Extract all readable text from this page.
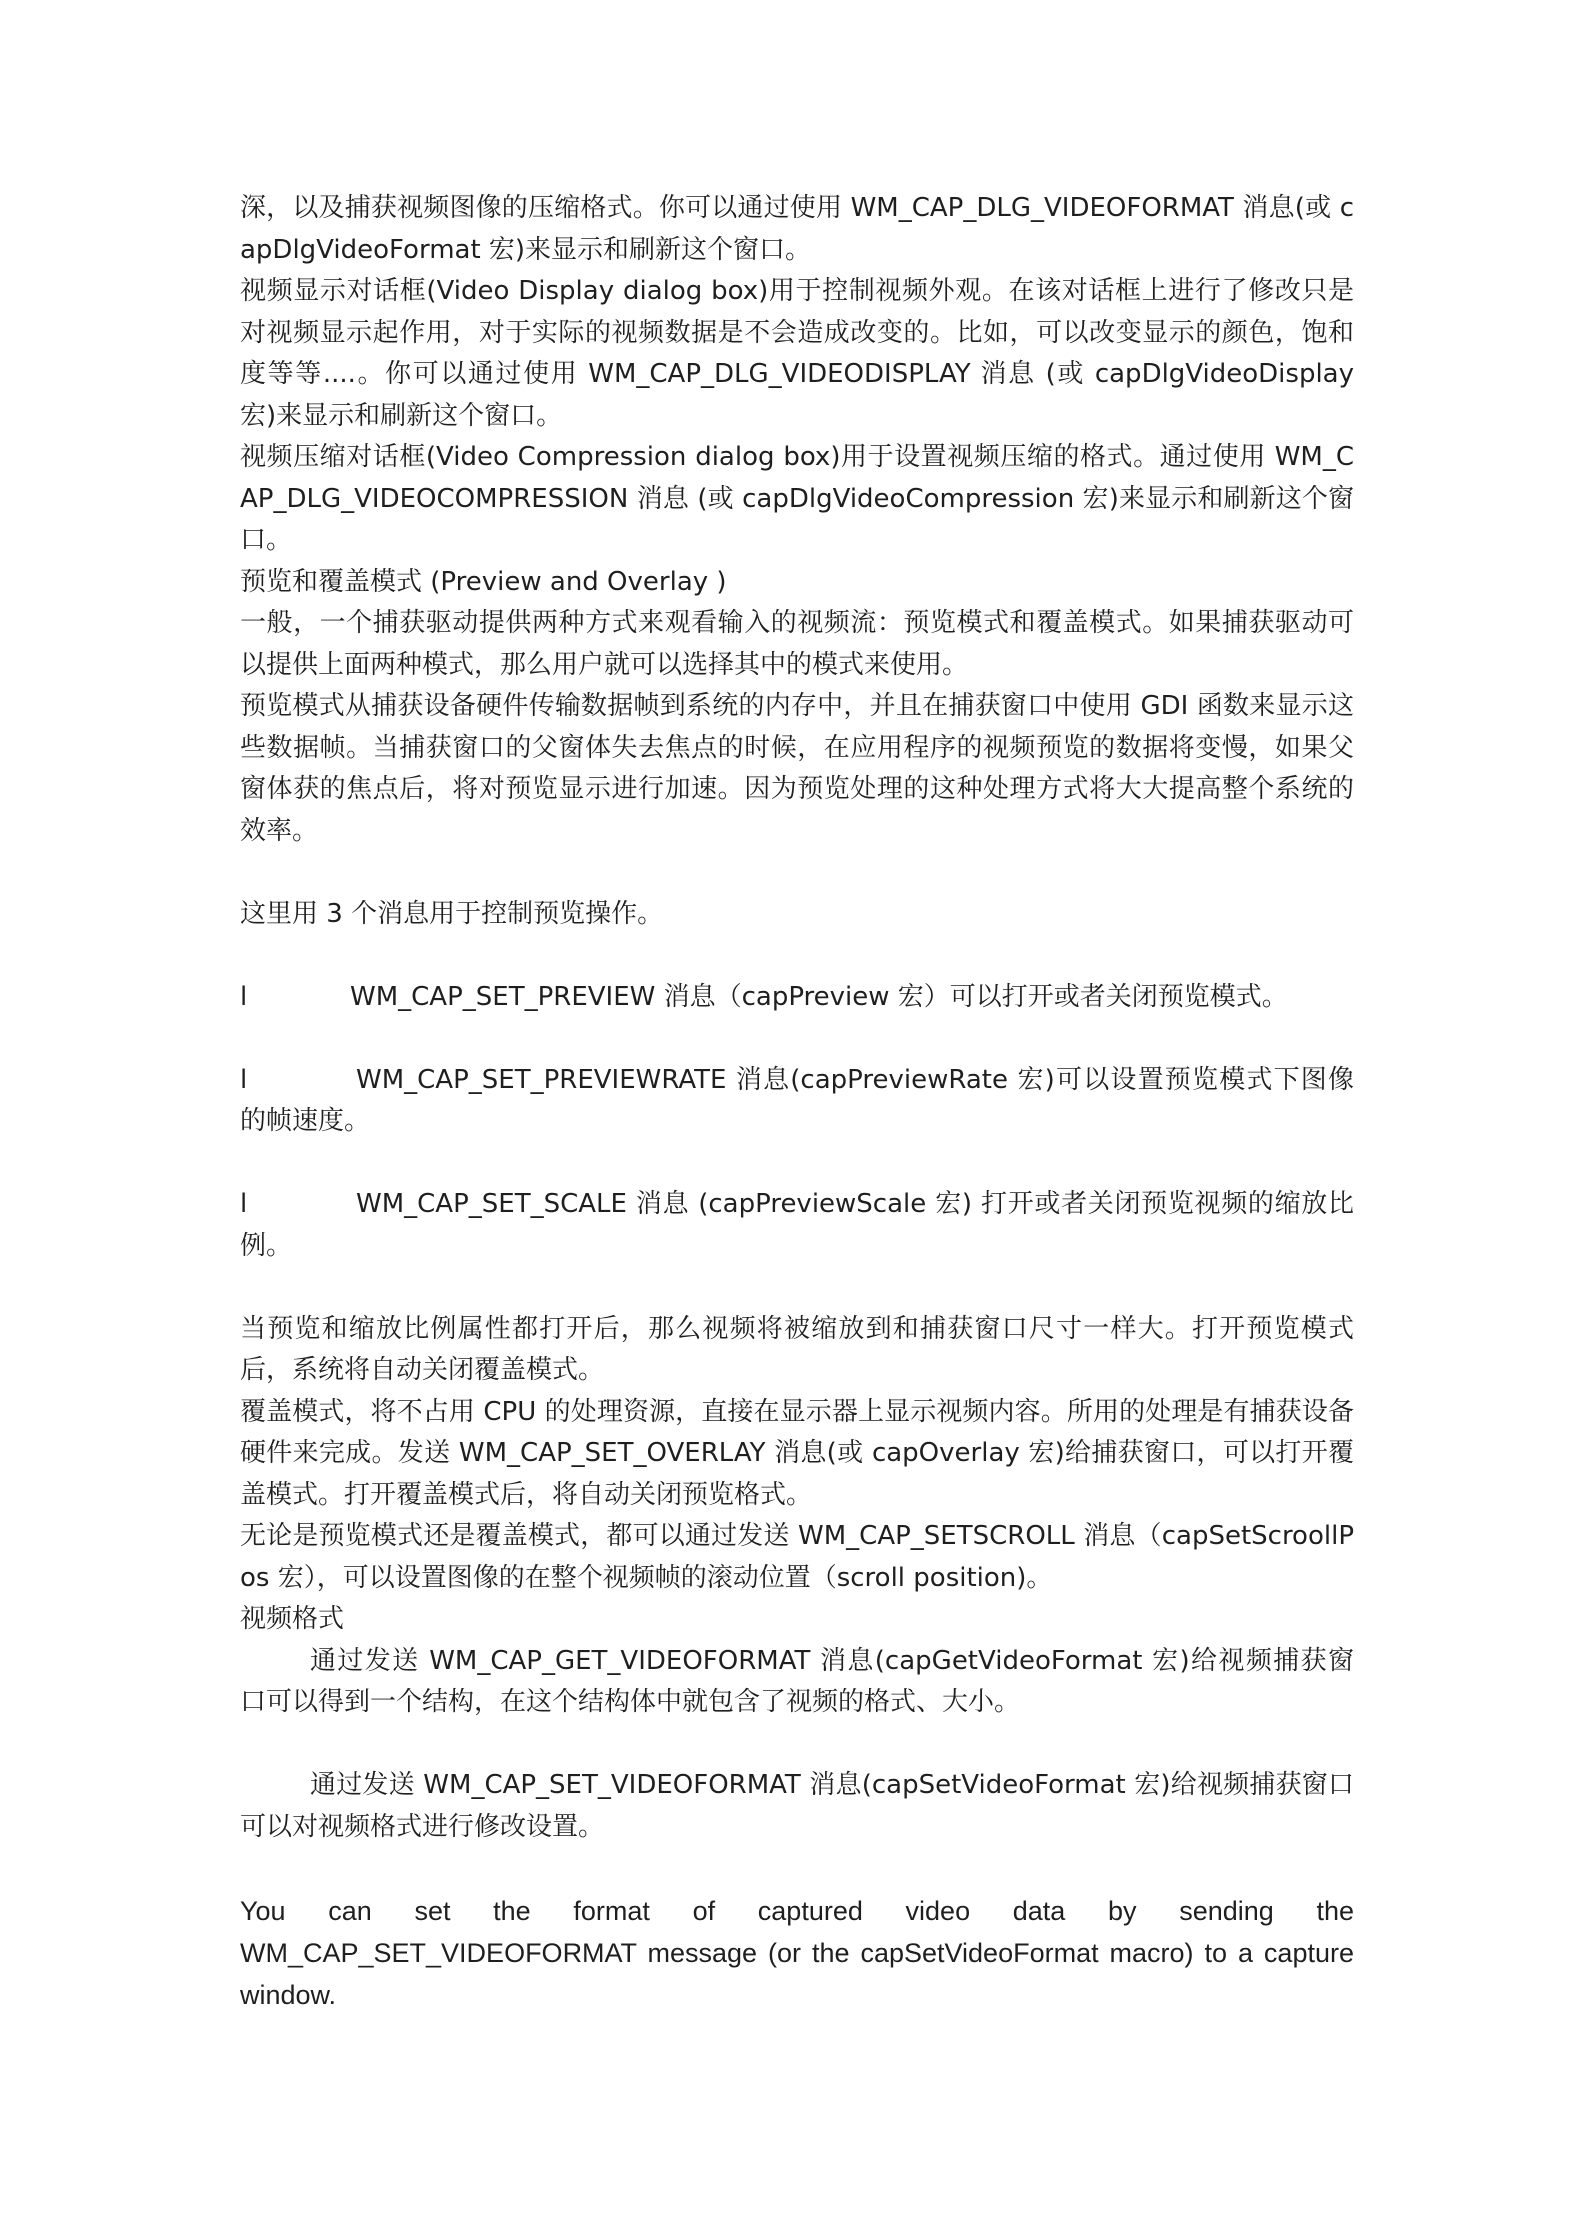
深，以及捕获视频图像的压缩格式。你可以通过使用 WM_CAP_DLG_VIDEOFORMAT 消息(或 capDlgVideoFormat 宏)来显示和刷新这个窗口。

视频显示对话框(Video Display dialog box)用于控制视频外观。在该对话框上进行了修改只是对视频显示起作用，对于实际的视频数据是不会造成改变的。比如，可以改变显示的颜色，饱和度等等....。你可以通过使用 WM_CAP_DLG_VIDEODISPLAY 消息 (或 capDlgVideoDisplay 宏)来显示和刷新这个窗口。

视频压缩对话框(Video Compression dialog box)用于设置视频压缩的格式。通过使用 WM_CAP_DLG_VIDEOCOMPRESSION 消息 (或 capDlgVideoCompression 宏)来显示和刷新这个窗口。

预览和覆盖模式 (Preview and Overlay )

一般，一个捕获驱动提供两种方式来观看输入的视频流：预览模式和覆盖模式。如果捕获驱动可以提供上面两种模式，那么用户就可以选择其中的模式来使用。

预览模式从捕获设备硬件传输数据帧到系统的内存中，并且在捕获窗口中使用 GDI 函数来显示这些数据帧。当捕获窗口的父窗体失去焦点的时候，在应用程序的视频预览的数据将变慢，如果父窗体获的焦点后，将对预览显示进行加速。因为预览处理的这种处理方式将大大提高整个系统的效率。

这里用 3 个消息用于控制预览操作。

l	WM_CAP_SET_PREVIEW 消息（capPreview 宏）可以打开或者关闭预览模式。

l	WM_CAP_SET_PREVIEWRATE 消息(capPreviewRate 宏)可以设置预览模式下图像的帧速度。

l	WM_CAP_SET_SCALE 消息 (capPreviewScale 宏) 打开或者关闭预览视频的缩放比例。

当预览和缩放比例属性都打开后，那么视频将被缩放到和捕获窗口尺寸一样大。打开预览模式后，系统将自动关闭覆盖模式。

覆盖模式，将不占用 CPU 的处理资源，直接在显示器上显示视频内容。所用的处理是有捕获设备硬件来完成。发送 WM_CAP_SET_OVERLAY 消息(或 capOverlay 宏)给捕获窗口，可以打开覆盖模式。打开覆盖模式后，将自动关闭预览格式。

无论是预览模式还是覆盖模式，都可以通过发送 WM_CAP_SETSCROLL 消息（capSetScroollPos 宏），可以设置图像的在整个视频帧的滚动位置（scroll position)。

视频格式

通过发送 WM_CAP_GET_VIDEOFORMAT 消息(capGetVideoFormat 宏)给视频捕获窗口可以得到一个结构，在这个结构体中就包含了视频的格式、大小。

通过发送 WM_CAP_SET_VIDEOFORMAT 消息(capSetVideoFormat 宏)给视频捕获窗口可以对视频格式进行修改设置。

You can set the format of captured video data by sending the WM_CAP_SET_VIDEOFORMAT message (or the capSetVideoFormat macro) to a capture window.
